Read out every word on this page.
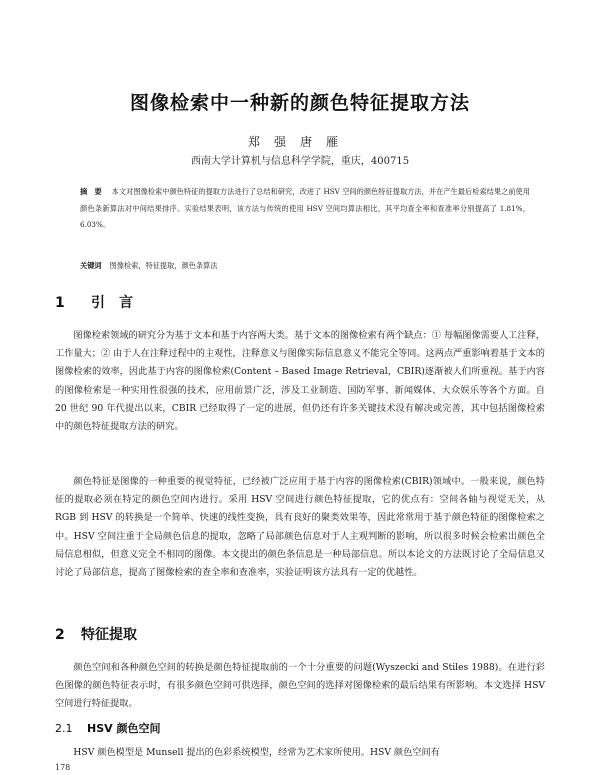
图像检索中一种新的颜色特征提取方法
郑强唐雁
西南大学计算机与信息科学学院，重庆，400715
摘　要 本文对图像检索中颜色特征的提取方法进行了总结和研究，改进了 HSV 空间的颜色特征提取方法，并在产生最后检索结果之前使用颜色条新算法对中间结果排序。实验结果表明，该方法与传统的使用 HSV 空间均算法相比，其平均查全率和查准率分别提高了 1.81%，6.03%。
关键词 图像检索，特征提取，颜色条算法
1 引　言
图像检索领域的研究分为基于文本和基于内容两大类。基于文本的图像检索有两个缺点：① 每幅图像需要人工注释，工作量大；② 由于人在注释过程中的主观性，注释意义与图像实际信息意义不能完全等同。这两点严重影响着基于文本的图像检索的效率，因此基于内容的图像检索(Content – Based Image Retrieval，CBIR)逐渐被人们所重视。基于内容的图像检索是一种实用性很强的技术，应用前景广泛，涉及工业制造、国防军事、新闻媒体、大众娱乐等各个方面。自 20 世纪 90 年代提出以来，CBIR 已经取得了一定的进展，但仍还有许多关键技术没有解决或完善，其中包括图像检索中的颜色特征提取方法的研究。
颜色特征是图像的一种重要的视觉特征，已经被广泛应用于基于内容的图像检索(CBIR)领域中。一般来说，颜色特征的提取必须在特定的颜色空间内进行。采用 HSV 空间进行颜色特征提取，它的优点有：空间各轴与视觉无关，从 RGB 到 HSV 的转换是一个简单、快速的线性变换，具有良好的聚类效果等，因此常常用于基于颜色特征的图像检索之中。HSV 空间注重于全局颜色信息的提取，忽略了局部颜色信息对于人主观判断的影响，所以很多时候会检索出颜色全局信息相似，但意义完全不相同的图像。本文提出的颜色条信息是一种局部信息。所以本论文的方法既讨论了全局信息又讨论了局部信息，提高了图像检索的查全率和查准率，实验证明该方法具有一定的优越性。
2 特征提取
颜色空间和各种颜色空间的转换是颜色特征提取前的一个十分重要的问题(Wyszecki and Stiles 1988)。在进行彩色图像的颜色特征表示时，有很多颜色空间可供选择，颜色空间的选择对图像检索的最后结果有所影响。本文选择 HSV 空间进行特征提取。
2.1 HSV 颜色空间
HSV 颜色模型是 Munsell 提出的色彩系统模型，经常为艺术家所使用。HSV 颜色空间有
178
